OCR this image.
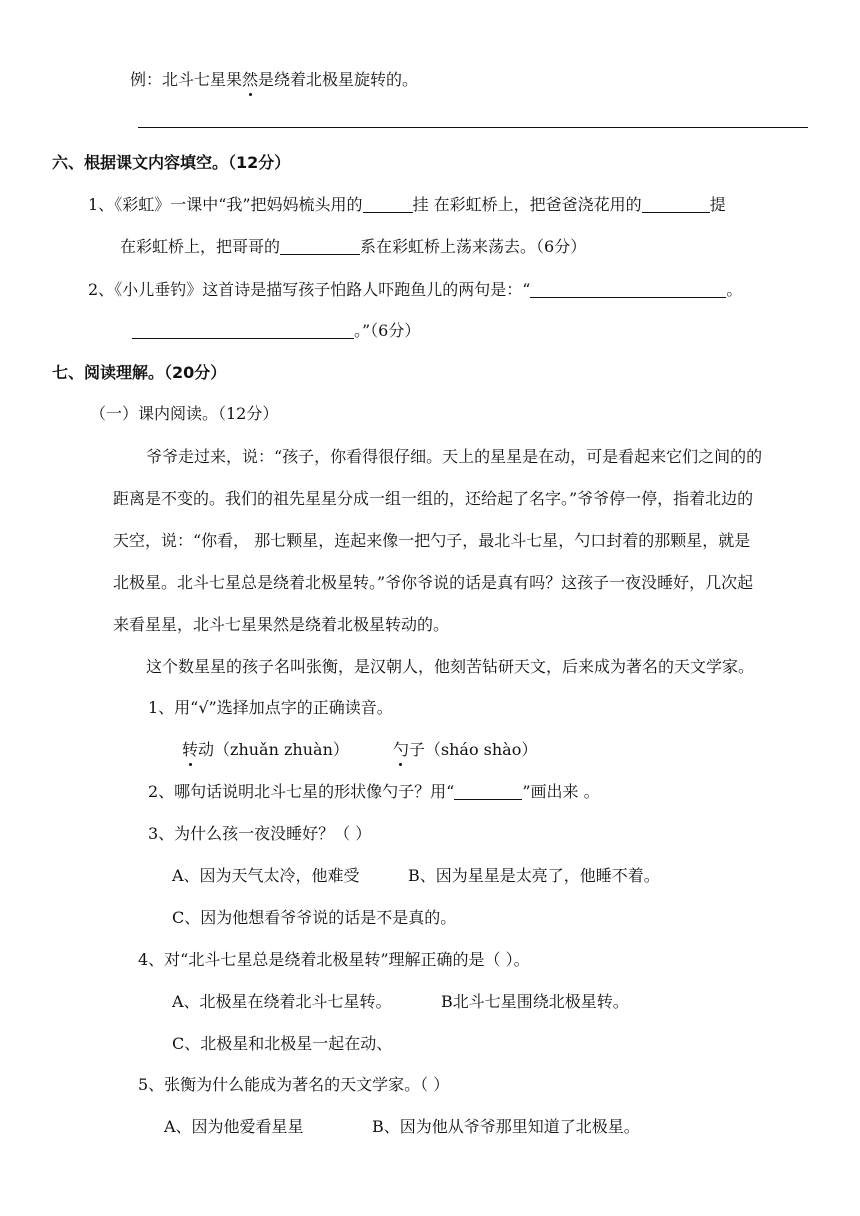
例：北斗七星果然是绕着北极星旋转的。
六、根据课文内容填空。（12分）
1、《彩虹》一课中“我”把妈妈梳头用的	挂 在彩虹桥上，把爸爸浇花用的	提
在彩虹桥上，把哥哥的	系在彩虹桥上荡来荡去。（6分）
2、《小儿垂钓》这首诗是描写孩子怕路人吓跑鱼儿的两句是：“	。
。”（6分）
七、阅读理解。（20分）
（一）课内阅读。（12分）
爷爷走过来，说：“孩子，你看得很仔细。天上的星星是在动，可是看起来它们之间的的
距离是不变的。我们的祖先星星分成一组一组的，还给起了名字。”爷爷停一停，指着北边的
天空，说：“你看， 那七颗星，连起来像一把勺子，最北斗七星，勺口封着的那颗星，就是
北极星。北斗七星总是绕着北极星转。”爷你爷说的话是真有吗？这孩子一夜没睡好，几次起
来看星星，北斗七星果然是绕着北极星转动的。
这个数星星的孩子名叫张衡，是汉朝人，他刻苦钻研天文，后来成为著名的天文学家。
1、用“√”选择加点字的正确读音。
转动（zhuǎn zhuàn）	勺子（sháo shào）
2、哪句话说明北斗七星的形状像勺子？用“	”画出来 。
3、为什么孩一夜没睡好？（ ）
A、因为天气太冷，他难受	B、因为星星是太亮了，他睡不着。
C、因为他想看爷爷说的话是不是真的。
4、对“北斗七星总是绕着北极星转”理解正确的是（ ）。
A、北极星在绕着北斗七星转。	B北斗七星围绕北极星转。
C、北极星和北极星一起在动、
5、张衡为什么能成为著名的天文学家。（ ）
A、因为他爱看星星	B、因为他从爷爷那里知道了北极星。
